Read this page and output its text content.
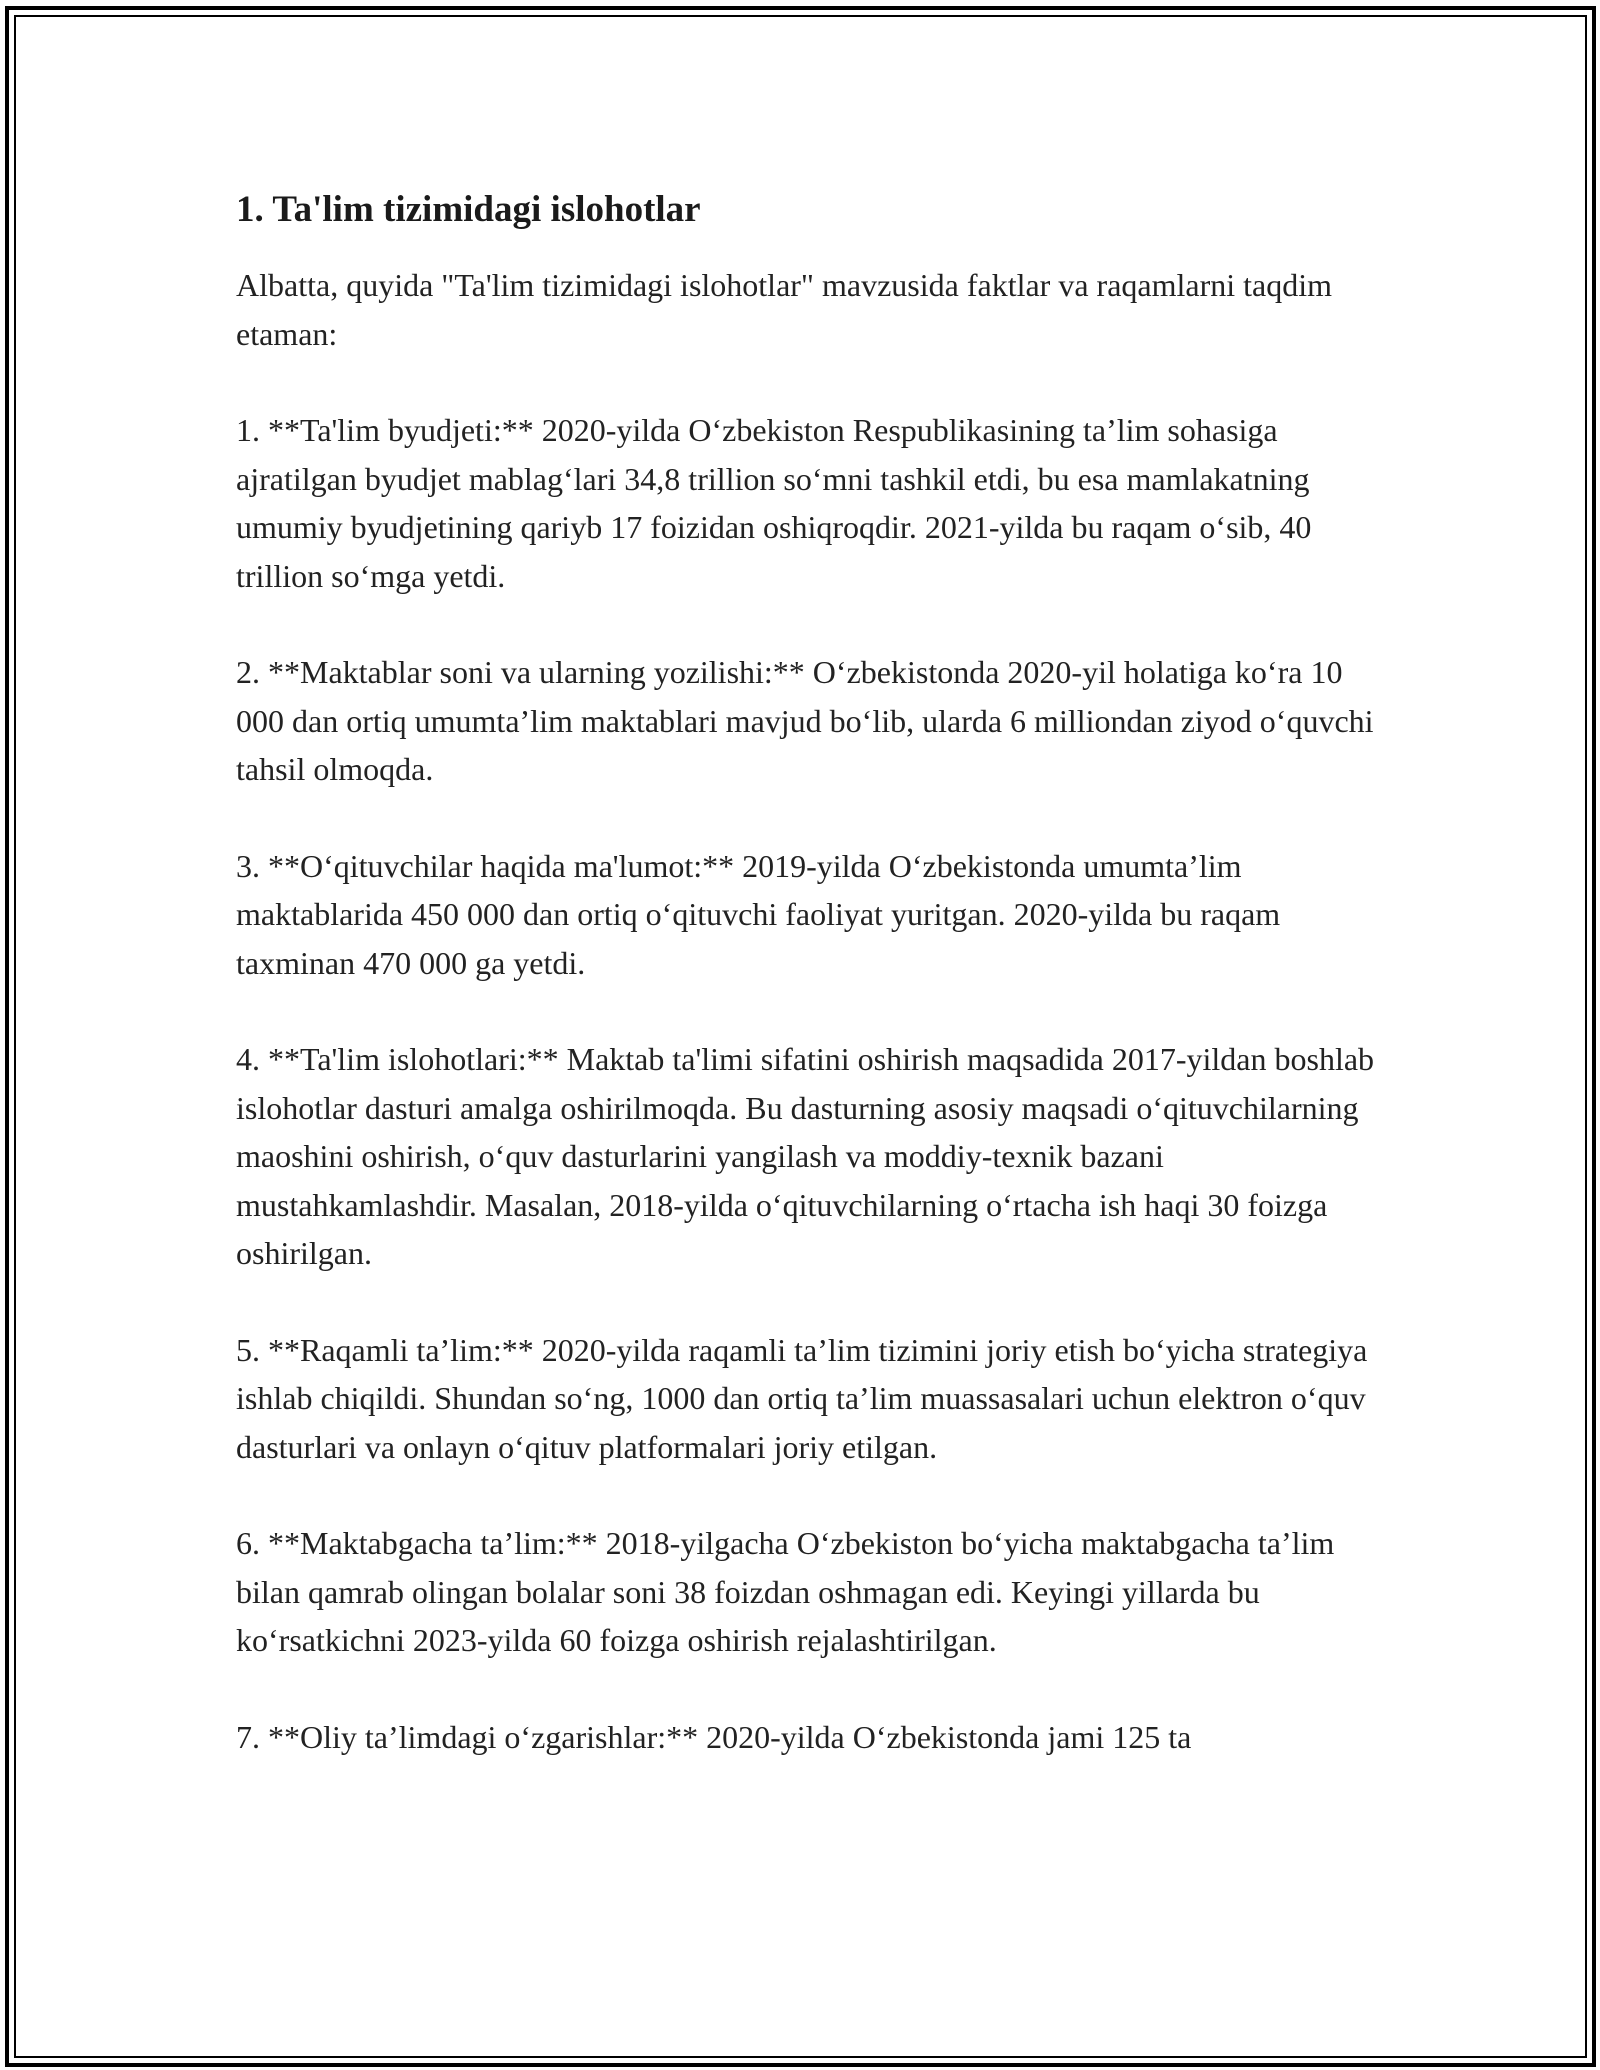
1. Ta'lim tizimidagi islohotlar

Albatta, quyida "Ta'lim tizimidagi islohotlar" mavzusida faktlar va raqamlarni taqdim etaman:

1. **Ta'lim byudjeti:** 2020-yilda O‘zbekiston Respublikasining ta’lim sohasiga ajratilgan byudjet mablag‘lari 34,8 trillion so‘mni tashkil etdi, bu esa mamlakatning umumiy byudjetining qariyb 17 foizidan oshiqroqdir. 2021-yilda bu raqam o‘sib, 40 trillion so‘mga yetdi.

2. **Maktablar soni va ularning yozilishi:** O‘zbekistonda 2020-yil holatiga ko‘ra 10 000 dan ortiq umumta’lim maktablari mavjud bo‘lib, ularda 6 milliondan ziyod o‘quvchi tahsil olmoqda.

3. **O‘qituvchilar haqida ma'lumot:** 2019-yilda O‘zbekistonda umumta’lim maktablarida 450 000 dan ortiq o‘qituvchi faoliyat yuritgan. 2020-yilda bu raqam taxminan 470 000 ga yetdi.

4. **Ta'lim islohotlari:** Maktab ta'limi sifatini oshirish maqsadida 2017-yildan boshlab islohotlar dasturi amalga oshirilmoqda. Bu dasturning asosiy maqsadi o‘qituvchilarning maoshini oshirish, o‘quv dasturlarini yangilash va moddiy-texnik bazani mustahkamlashdir. Masalan, 2018-yilda o‘qituvchilarning o‘rtacha ish haqi 30 foizga oshirilgan.

5. **Raqamli ta’lim:** 2020-yilda raqamli ta’lim tizimini joriy etish bo‘yicha strategiya ishlab chiqildi. Shundan so‘ng, 1000 dan ortiq ta’lim muassasalari uchun elektron o‘quv dasturlari va onlayn o‘qituv platformalari joriy etilgan.

6. **Maktabgacha ta’lim:** 2018-yilgacha O‘zbekiston bo‘yicha maktabgacha ta’lim bilan qamrab olingan bolalar soni 38 foizdan oshmagan edi. Keyingi yillarda bu ko‘rsatkichni 2023-yilda 60 foizga oshirish rejalashtirilgan.

7. **Oliy ta’limdagi o‘zgarishlar:** 2020-yilda O‘zbekistonda jami 125 ta
